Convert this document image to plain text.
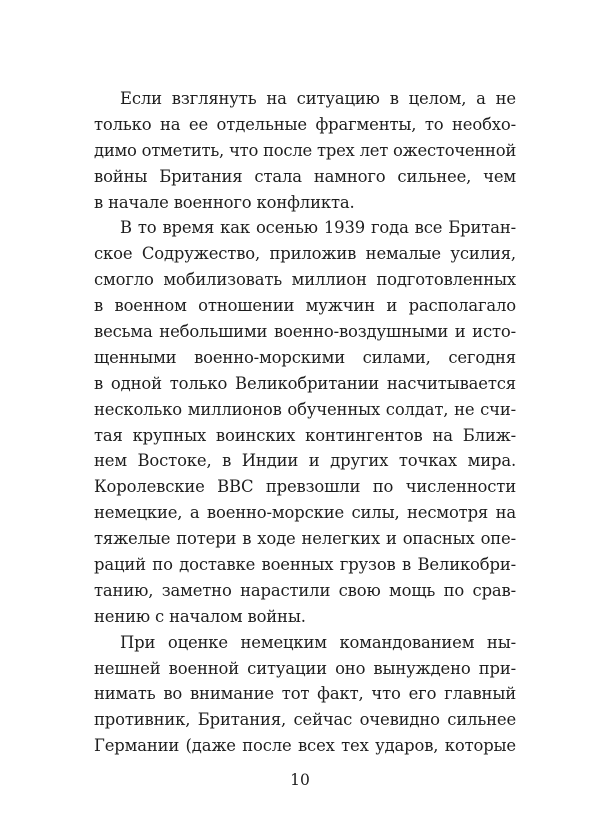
Если взглянуть на ситуацию в целом, а не
только на ее отдельные фрагменты, то необхо-
димо отметить, что после трех лет ожесточенной
войны Британия стала намного сильнее, чем
в начале военного конфликта.
В то время как осенью 1939 года все Британ-
ское Содружество, приложив немалые усилия,
смогло мобилизовать миллион подготовленных
в военном отношении мужчин и располагало
весьма небольшими военно-воздушными и исто-
щенными военно-морскими силами, сегодня
в одной только Великобритании насчитывается
несколько миллионов обученных солдат, не счи-
тая крупных воинских контингентов на Ближ-
нем Востоке, в Индии и других точках мира.
Королевские ВВС превзошли по численности
немецкие, а военно-морские силы, несмотря на
тяжелые потери в ходе нелегких и опасных опе-
раций по доставке военных грузов в Великобри-
танию, заметно нарастили свою мощь по срав-
нению с началом войны.
При оценке немецким командованием ны-
нешней военной ситуации оно вынуждено при-
нимать во внимание тот факт, что его главный
противник, Британия, сейчас очевидно сильнее
Германии (даже после всех тех ударов, которые
10
